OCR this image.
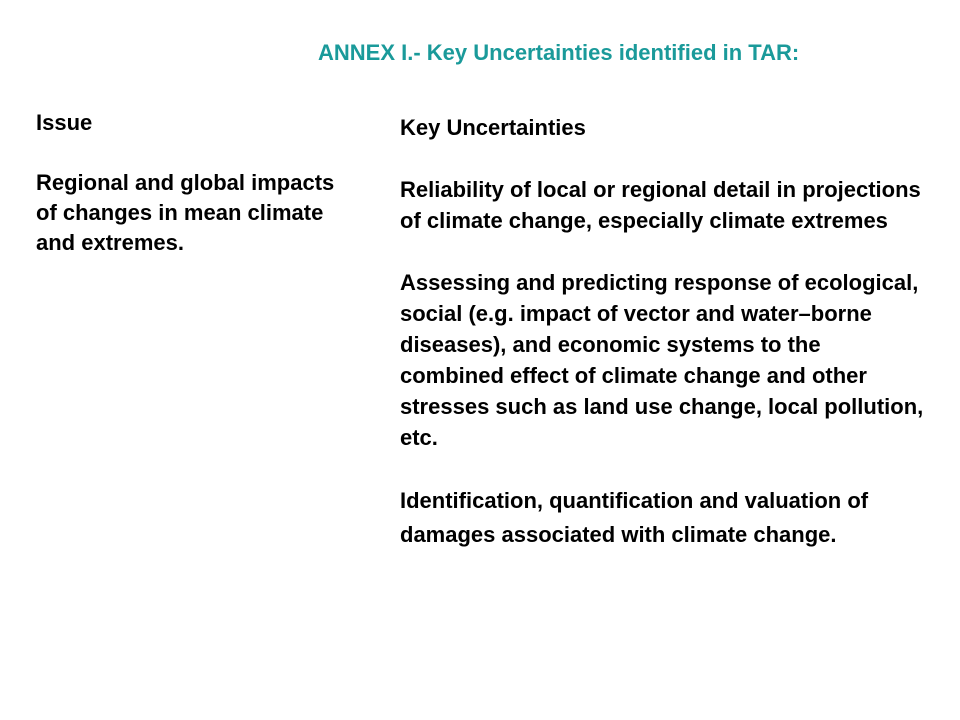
ANNEX I.- Key Uncertainties identified in TAR:

Issue

Regional and global impacts of changes in mean climate and extremes.

Key Uncertainties

Reliability of local or regional detail in projections of climate change, especially climate extremes

Assessing and predicting response of ecological, social (e.g. impact of vector and water–borne diseases), and economic systems to the combined effect of climate change and other stresses such as land use change, local pollution, etc.

Identification, quantification and valuation of damages associated with climate change.
